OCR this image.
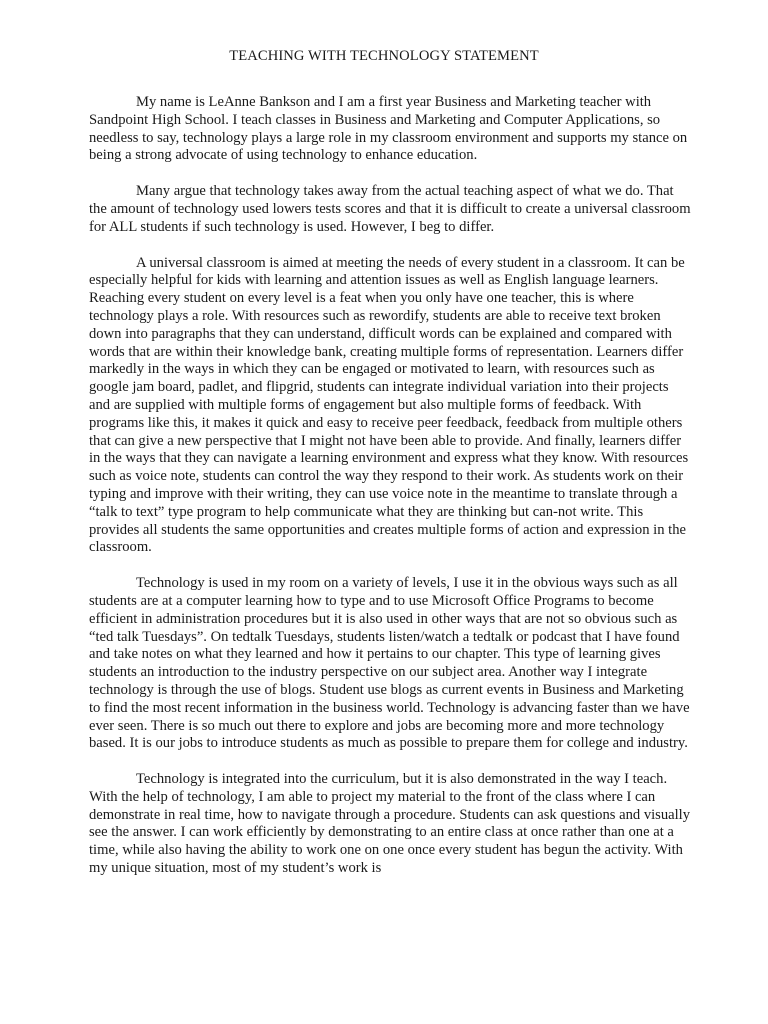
TEACHING WITH TECHNOLOGY STATEMENT

My name is LeAnne Bankson and I am a first year Business and Marketing teacher with Sandpoint High School. I teach classes in Business and Marketing and Computer Applications, so needless to say, technology plays a large role in my classroom environment and supports my stance on being a strong advocate of using technology to enhance education.

Many argue that technology takes away from the actual teaching aspect of what we do. That the amount of technology used lowers tests scores and that it is difficult to create a universal classroom for ALL students if such technology is used. However, I beg to differ.

A universal classroom is aimed at meeting the needs of every student in a classroom. It can be especially helpful for kids with learning and attention issues as well as English language learners. Reaching every student on every level is a feat when you only have one teacher, this is where technology plays a role. With resources such as rewordify, students are able to receive text broken down into paragraphs that they can understand, difficult words can be explained and compared with words that are within their knowledge bank, creating multiple forms of representation. Learners differ markedly in the ways in which they can be engaged or motivated to learn, with resources such as google jam board, padlet, and flipgrid, students can integrate individual variation into their projects and are supplied with multiple forms of engagement but also multiple forms of feedback. With programs like this, it makes it quick and easy to receive peer feedback, feedback from multiple others that can give a new perspective that I might not have been able to provide. And finally, learners differ in the ways that they can navigate a learning environment and express what they know. With resources such as voice note, students can control the way they respond to their work. As students work on their typing and improve with their writing, they can use voice note in the meantime to translate through a “talk to text” type program to help communicate what they are thinking but can-not write. This provides all students the same opportunities and creates multiple forms of action and expression in the classroom.

Technology is used in my room on a variety of levels, I use it in the obvious ways such as all students are at a computer learning how to type and to use Microsoft Office Programs to become efficient in administration procedures but it is also used in other ways that are not so obvious such as “ted talk Tuesdays”. On tedtalk Tuesdays, students listen/watch a tedtalk or podcast that I have found and take notes on what they learned and how it pertains to our chapter. This type of learning gives students an introduction to the industry perspective on our subject area. Another way I integrate technology is through the use of blogs. Student use blogs as current events in Business and Marketing to find the most recent information in the business world. Technology is advancing faster than we have ever seen. There is so much out there to explore and jobs are becoming more and more technology based. It is our jobs to introduce students as much as possible to prepare them for college and industry.

Technology is integrated into the curriculum, but it is also demonstrated in the way I teach. With the help of technology, I am able to project my material to the front of the class where I can demonstrate in real time, how to navigate through a procedure. Students can ask questions and visually see the answer. I can work efficiently by demonstrating to an entire class at once rather than one at a time, while also having the ability to work one on one once every student has begun the activity. With my unique situation, most of my student’s work is
